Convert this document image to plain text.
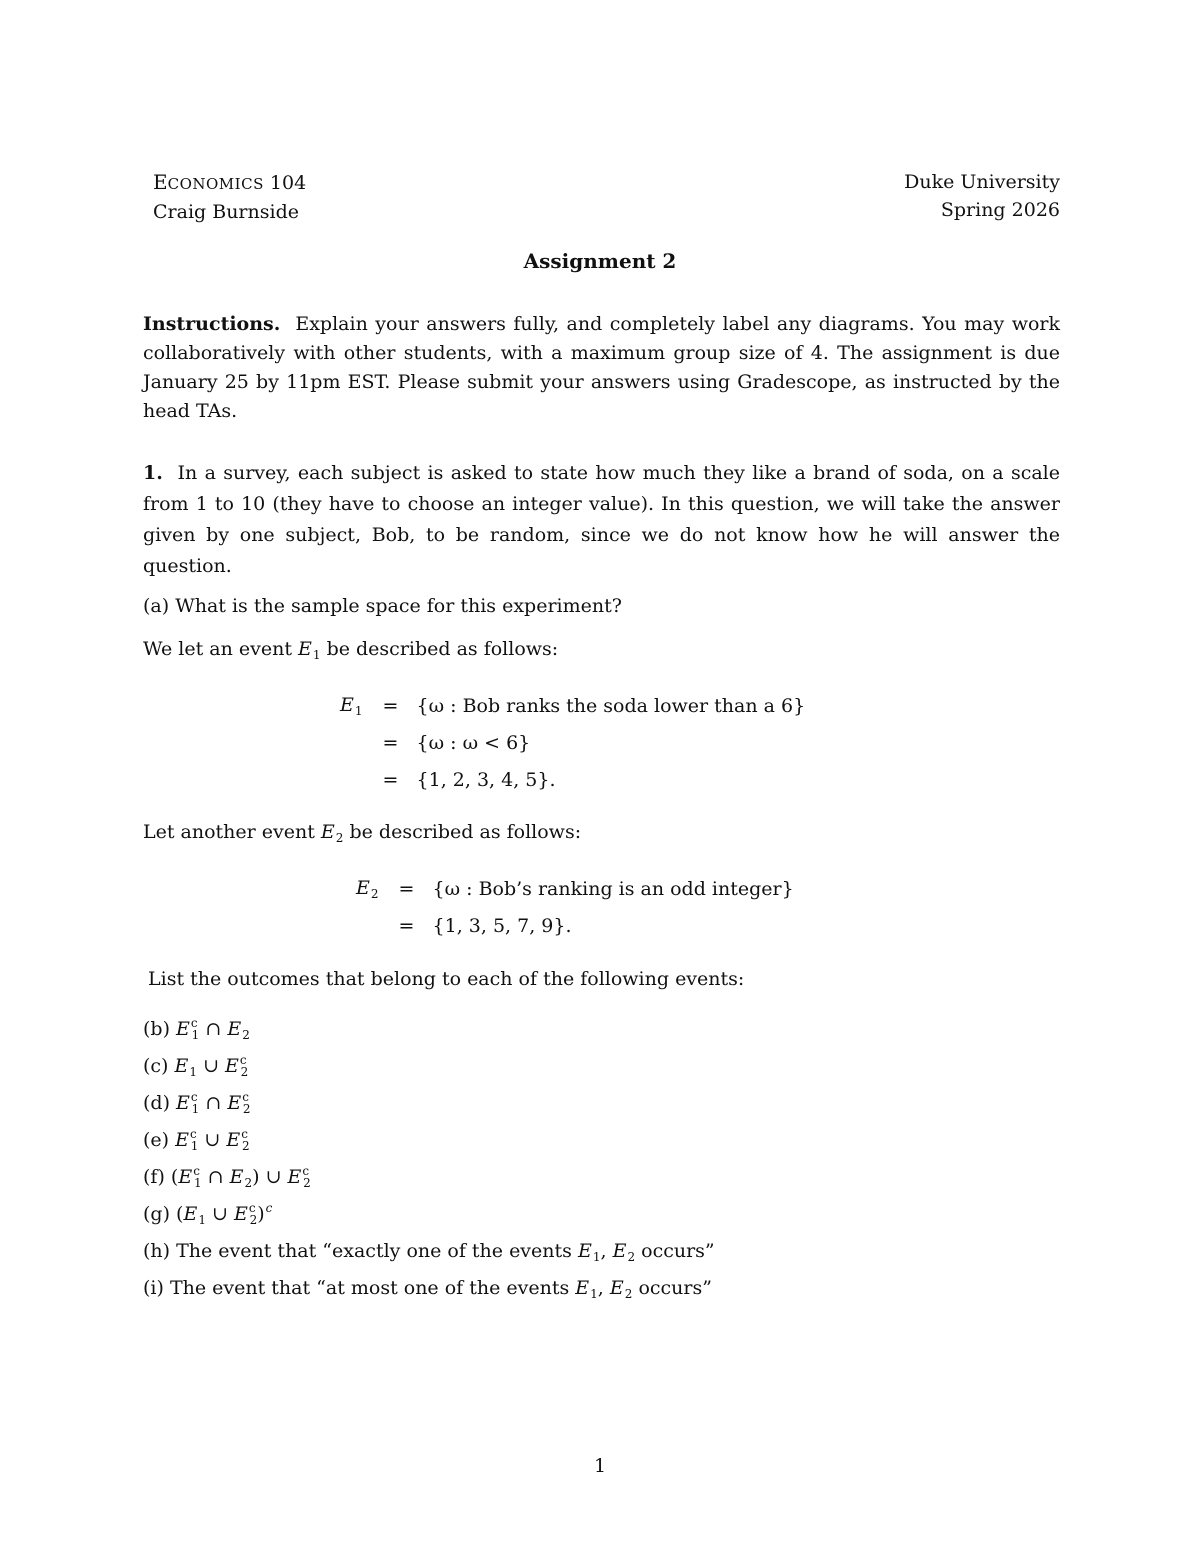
ECONOMICS 104
Craig Burnside
Duke University
Spring 2026
Assignment 2
Instructions. Explain your answers fully, and completely label any diagrams. You may work collaboratively with other students, with a maximum group size of 4. The assignment is due January 25 by 11pm EST. Please submit your answers using Gradescope, as instructed by the head TAs.
1. In a survey, each subject is asked to state how much they like a brand of soda, on a scale from 1 to 10 (they have to choose an integer value). In this question, we will take the answer given by one subject, Bob, to be random, since we do not know how he will answer the question.
(a) What is the sample space for this experiment?
We let an event $E_1$ be described as follows:
$E_1$	=	{ω : Bob ranks the soda lower than a 6}
	=	{ω : ω < 6}
	=	{1, 2, 3, 4, 5}.
Let another event $E_2$ be described as follows:
$E_2$	=	{ω : Bob’s ranking is an odd integer}
	=	{1, 3, 5, 7, 9}.
List the outcomes that belong to each of the following events:
(b) $E^c_1$ ∩ $E_2$
(c) $E_1$ ∪ $E^c_2$
(d) $E^c_1$ ∩ $E^c_2$
(e) $E^c_1$ ∪ $E^c_2$
(f) ($E^c_1$ ∩ $E_2$) ∪ $E^c_2$
(g) ($E_1$ ∪ $E^c_2)^c$
(h) The event that “exactly one of the events $E_1$, $E_2$ occurs”
(i) The event that “at most one of the events $E_1$, $E_2$ occurs”
1
